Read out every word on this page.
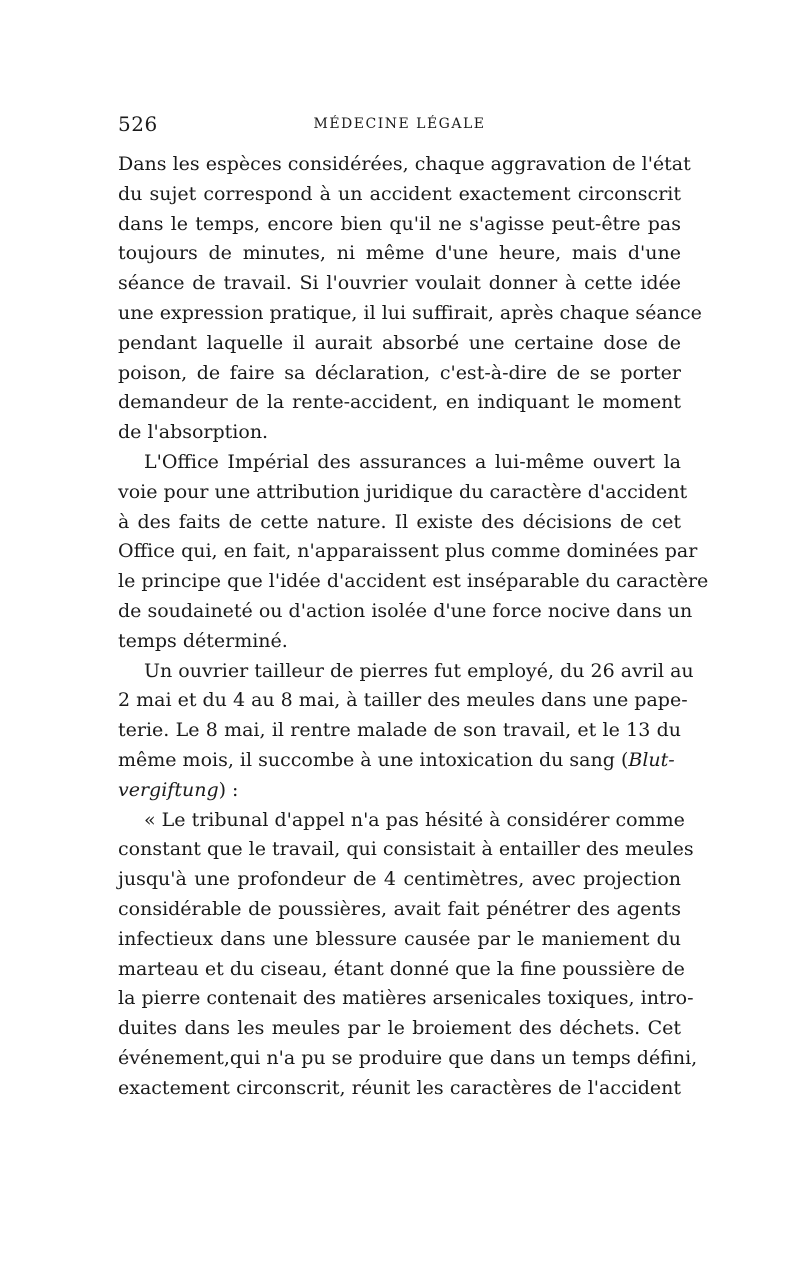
526	MÉDECINE LÉGALE
Dans les espèces considérées, chaque aggravation de l'état
du sujet correspond à un accident exactement circonscrit
dans le temps, encore bien qu'il ne s'agisse peut-être pas
toujours de minutes, ni même d'une heure, mais d'une
séance de travail. Si l'ouvrier voulait donner à cette idée
une expression pratique, il lui suffirait, après chaque séance
pendant laquelle il aurait absorbé une certaine dose de
poison, de faire sa déclaration, c'est-à-dire de se porter
demandeur de la rente-accident, en indiquant le moment
de l'absorption.
L'Office Impérial des assurances a lui-même ouvert la
voie pour une attribution juridique du caractère d'accident
à des faits de cette nature. Il existe des décisions de cet
Office qui, en fait, n'apparaissent plus comme dominées par
le principe que l'idée d'accident est inséparable du caractère
de soudaineté ou d'action isolée d'une force nocive dans un
temps déterminé.
Un ouvrier tailleur de pierres fut employé, du 26 avril au
2 mai et du 4 au 8 mai, à tailler des meules dans une pape-
terie. Le 8 mai, il rentre malade de son travail, et le 13 du
même mois, il succombe à une intoxication du sang (Blut-
vergiftung) :
« Le tribunal d'appel n'a pas hésité à considérer comme
constant que le travail, qui consistait à entailler des meules
jusqu'à une profondeur de 4 centimètres, avec projection
considérable de poussières, avait fait pénétrer des agents
infectieux dans une blessure causée par le maniement du
marteau et du ciseau, étant donné que la fine poussière de
la pierre contenait des matières arsenicales toxiques, intro-
duites dans les meules par le broiement des déchets. Cet
événement,qui n'a pu se produire que dans un temps défini,
exactement circonscrit, réunit les caractères de l'accident
